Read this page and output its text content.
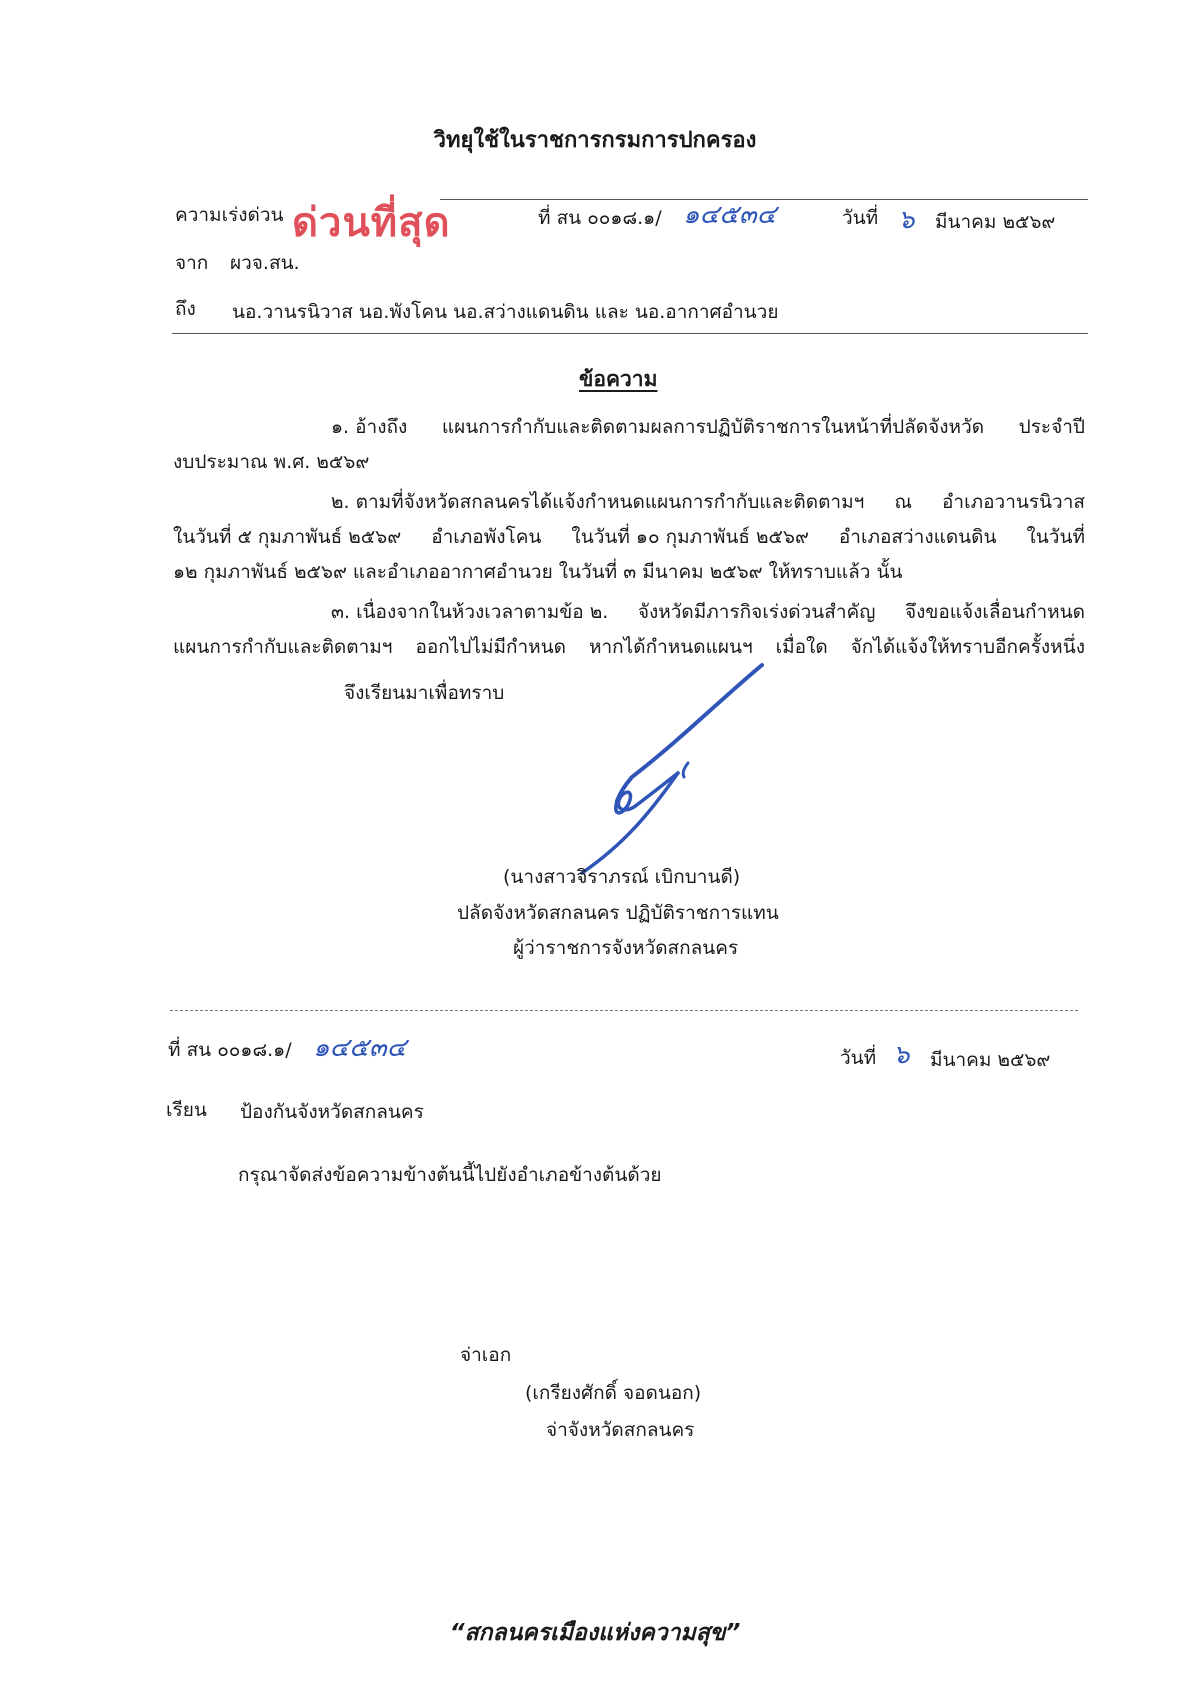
วิทยุใช้ในราชการกรมการปกครอง
ความเร่งด่วน ด่วนที่สุด	ที่ สน ๐๐๑๘.๑/ ๑๔๕๓๔	วันที่ ๖ มีนาคม ๒๕๖๙
จาก ผวจ.สน.
ถึง นอ.วานรนิวาส นอ.พังโคน นอ.สว่างแดนดิน และ นอ.อากาศอำนวย
ข้อความ
๑. อ้างถึง แผนการกำกับและติดตามผลการปฏิบัติราชการในหน้าที่ปลัดจังหวัด ประจำปี

งบประมาณ พ.ศ. ๒๕๖๙

๒. ตามที่จังหวัดสกลนครได้แจ้งกำหนดแผนการกำกับและติดตามฯ ณ อำเภอวานรนิวาส
ในวันที่ ๕ กุมภาพันธ์ ๒๕๖๙ อำเภอพังโคน ในวันที่ ๑๐ กุมภาพันธ์ ๒๕๖๙ อำเภอสว่างแดนดิน ในวันที่

๑๒ กุมภาพันธ์ ๒๕๖๙ และอำเภออากาศอำนวย ในวันที่ ๓ มีนาคม ๒๕๖๙ ให้ทราบแล้ว นั้น

๓. เนื่องจากในห้วงเวลาตามข้อ ๒. จังหวัดมีภารกิจเร่งด่วนสำคัญ จึงขอแจ้งเลื่อนกำหนด
แผนการกำกับและติดตามฯ ออกไปไม่มีกำหนด หากได้กำหนดแผนฯ เมื่อใด จักได้แจ้งให้ทราบอีกครั้งหนึ่ง
จึงเรียนมาเพื่อทราบ
(นางสาวจิราภรณ์ เบิกบานดี)
ปลัดจังหวัดสกลนคร ปฏิบัติราชการแทน
ผู้ว่าราชการจังหวัดสกลนคร
ที่ สน ๐๐๑๘.๑/ ๑๔๕๓๔	วันที่ ๖ มีนาคม ๒๕๖๙
เรียน ป้องกันจังหวัดสกลนคร
กรุณาจัดส่งข้อความข้างต้นนี้ไปยังอำเภอข้างต้นด้วย
จ่าเอก
(เกรียงศักดิ์ จอดนอก)
จ่าจังหวัดสกลนคร
“สกลนครเมืองแห่งความสุข”
